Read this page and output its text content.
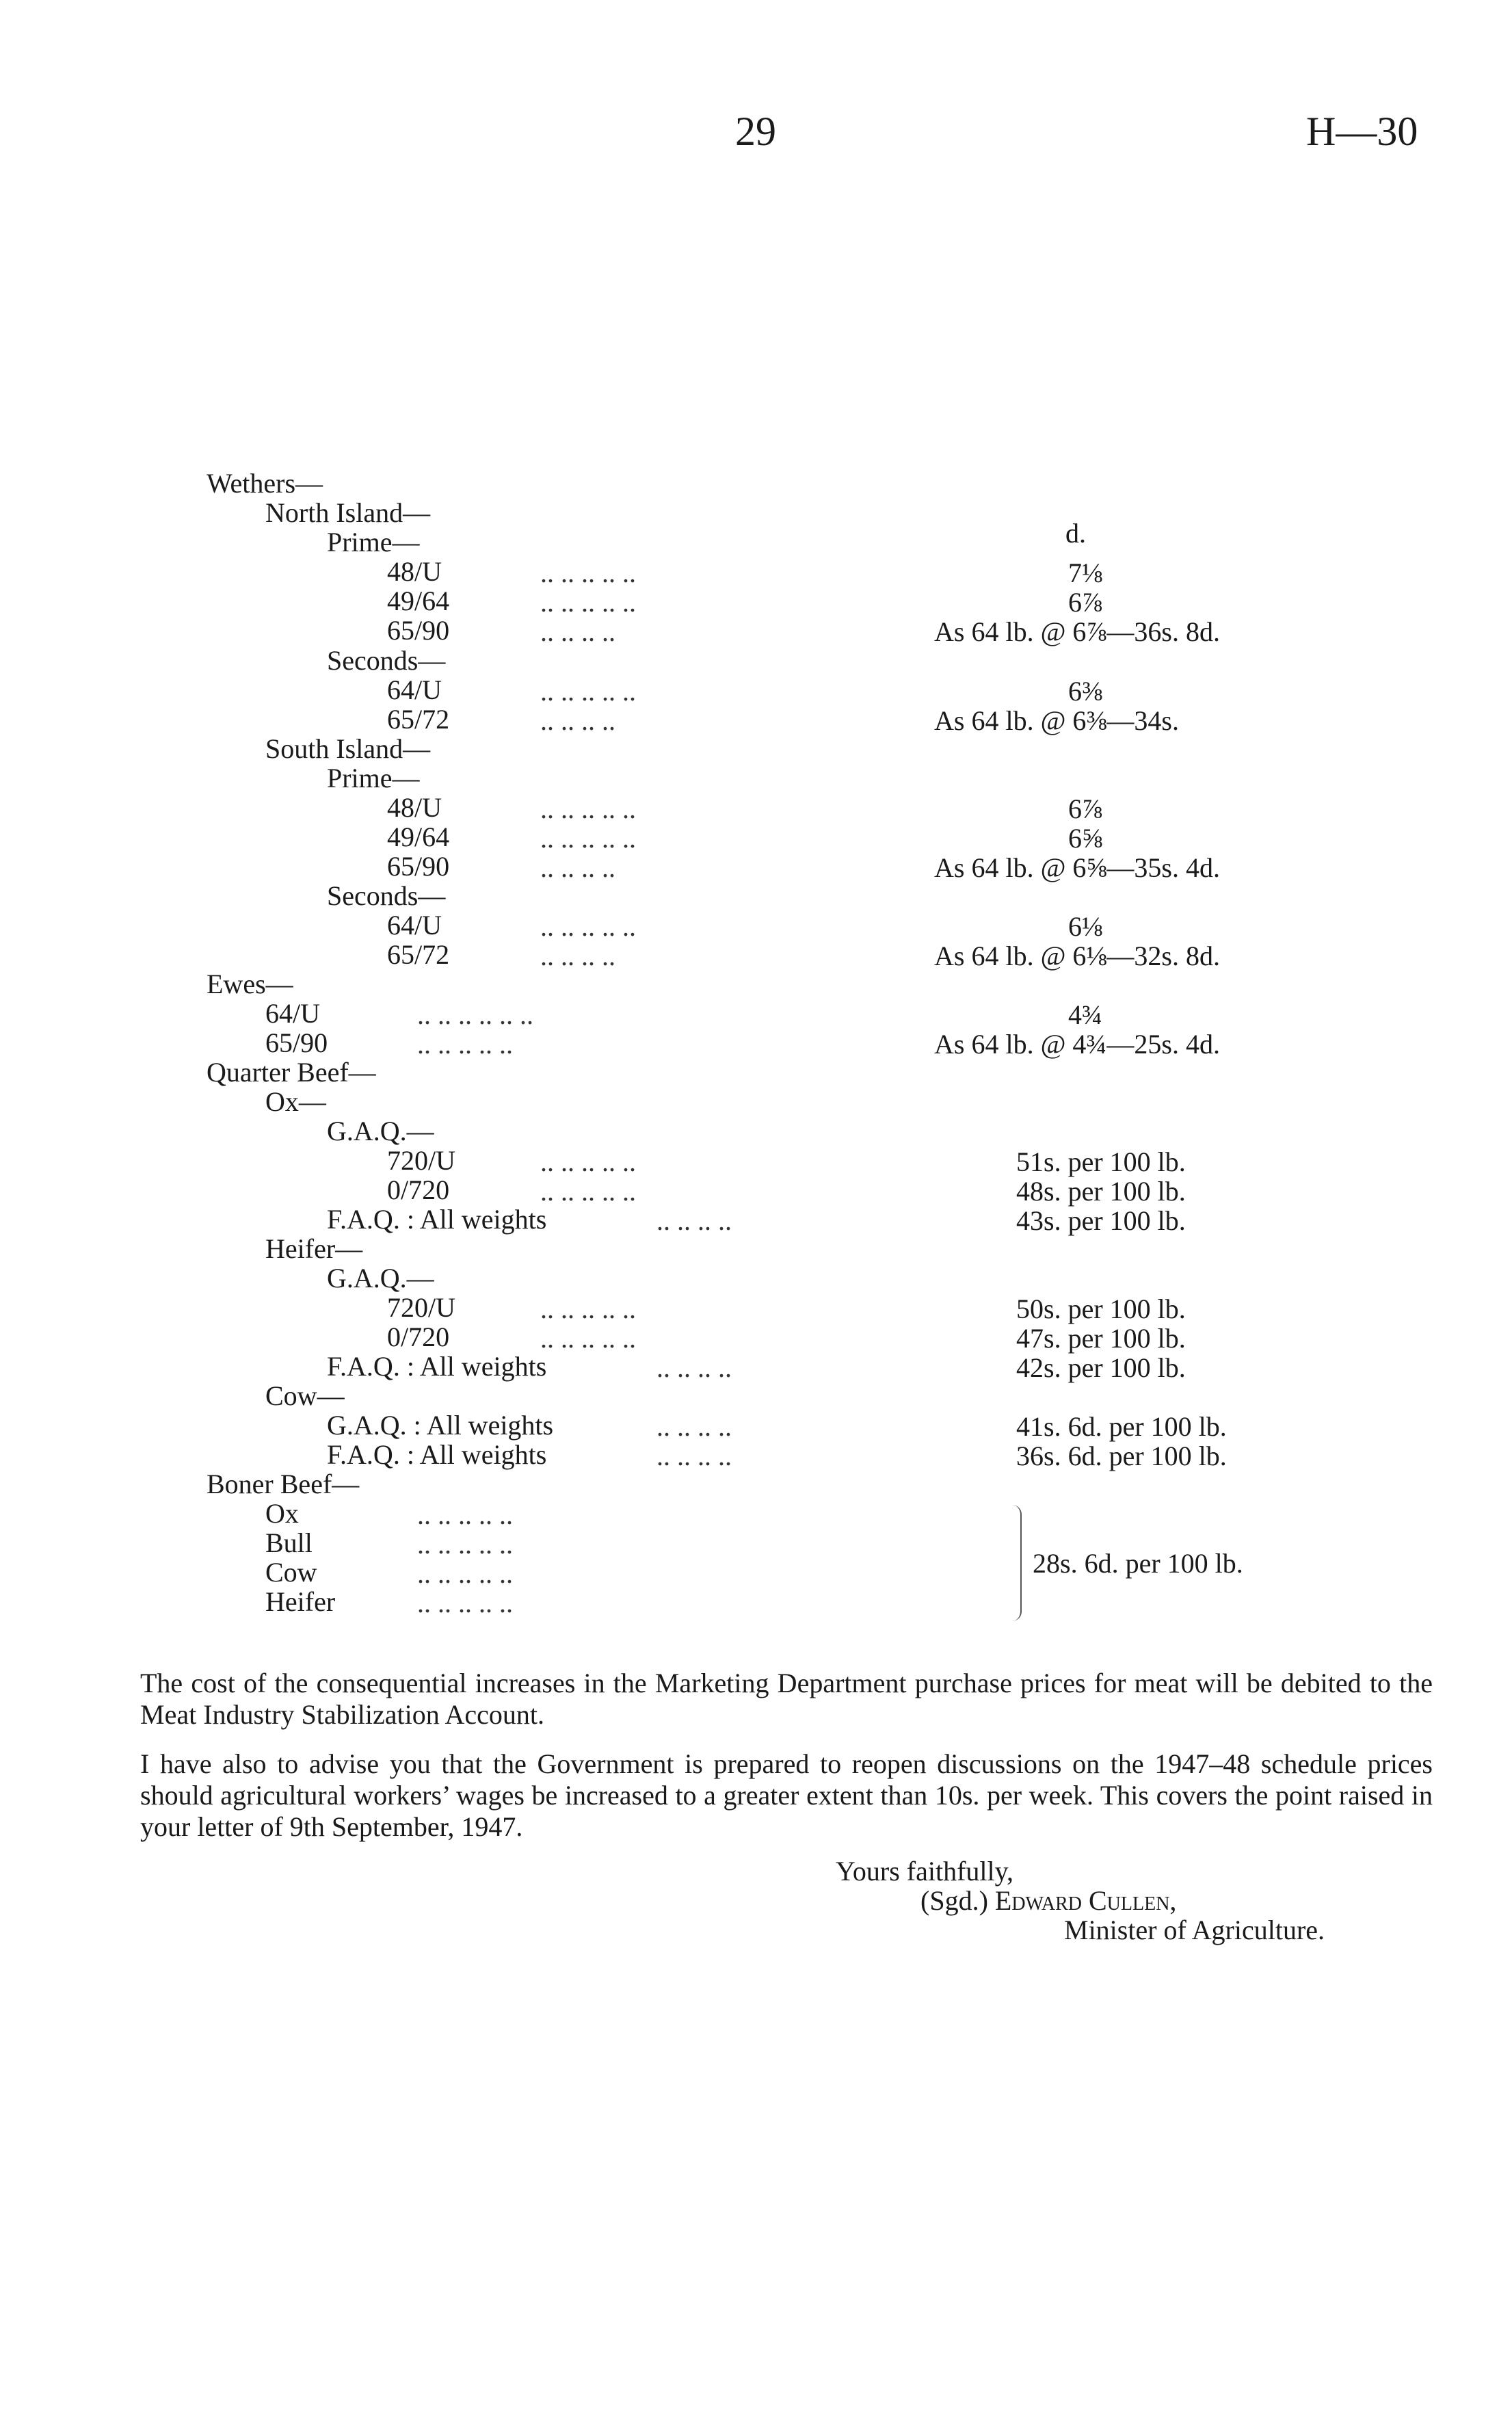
29	H—30
d.
Wethers—
North Island—
Prime—
48/U	.. .. .. .. ..	7⅛
49/64	.. .. .. .. ..	6⅞
65/90	.. .. .. ..	As 64 lb. @ 6⅞—36s. 8d.
Seconds—
64/U	.. .. .. .. ..	6⅜
65/72	.. .. .. ..	As 64 lb. @ 6⅜—34s.
South Island—
Prime—
48/U	.. .. .. .. ..	6⅞
49/64	.. .. .. .. ..	6⅝
65/90	.. .. .. ..	As 64 lb. @ 6⅝—35s. 4d.
Seconds—
64/U	.. .. .. .. ..	6⅛
65/72	.. .. .. ..	As 64 lb. @ 6⅛—32s. 8d.
Ewes—
64/U	.. .. .. .. .. ..	4¾
65/90	.. .. .. .. ..	As 64 lb. @ 4¾—25s. 4d.
Quarter Beef—
Ox—
G.A.Q.—
720/U	.. .. .. .. ..	51s. per 100 lb.
0/720	.. .. .. .. ..	48s. per 100 lb.
F.A.Q. : All weights	.. .. .. ..	43s. per 100 lb.
Heifer—
G.A.Q.—
720/U	.. .. .. .. ..	50s. per 100 lb.
0/720	.. .. .. .. ..	47s. per 100 lb.
F.A.Q. : All weights	.. .. .. ..	42s. per 100 lb.
Cow—
G.A.Q. : All weights	.. .. .. ..	41s. 6d. per 100 lb.
F.A.Q. : All weights	.. .. .. ..	36s. 6d. per 100 lb.
Boner Beef—
Ox	.. .. .. .. ..
Bull	.. .. .. .. ..
Cow	.. .. .. .. ..
Heifer	.. .. .. .. ..
28s. 6d. per 100 lb.

The cost of the consequential increases in the Marketing Department purchase prices for meat will be debited to the Meat Industry Stabilization Account.

I have also to advise you that the Government is prepared to reopen discussions on the 1947–48 schedule prices should agricultural workers’ wages be increased to a greater extent than 10s. per week. This covers the point raised in your letter of 9th September, 1947.

Yours faithfully,
(Sgd.) Edward Cullen,
Minister of Agriculture.
